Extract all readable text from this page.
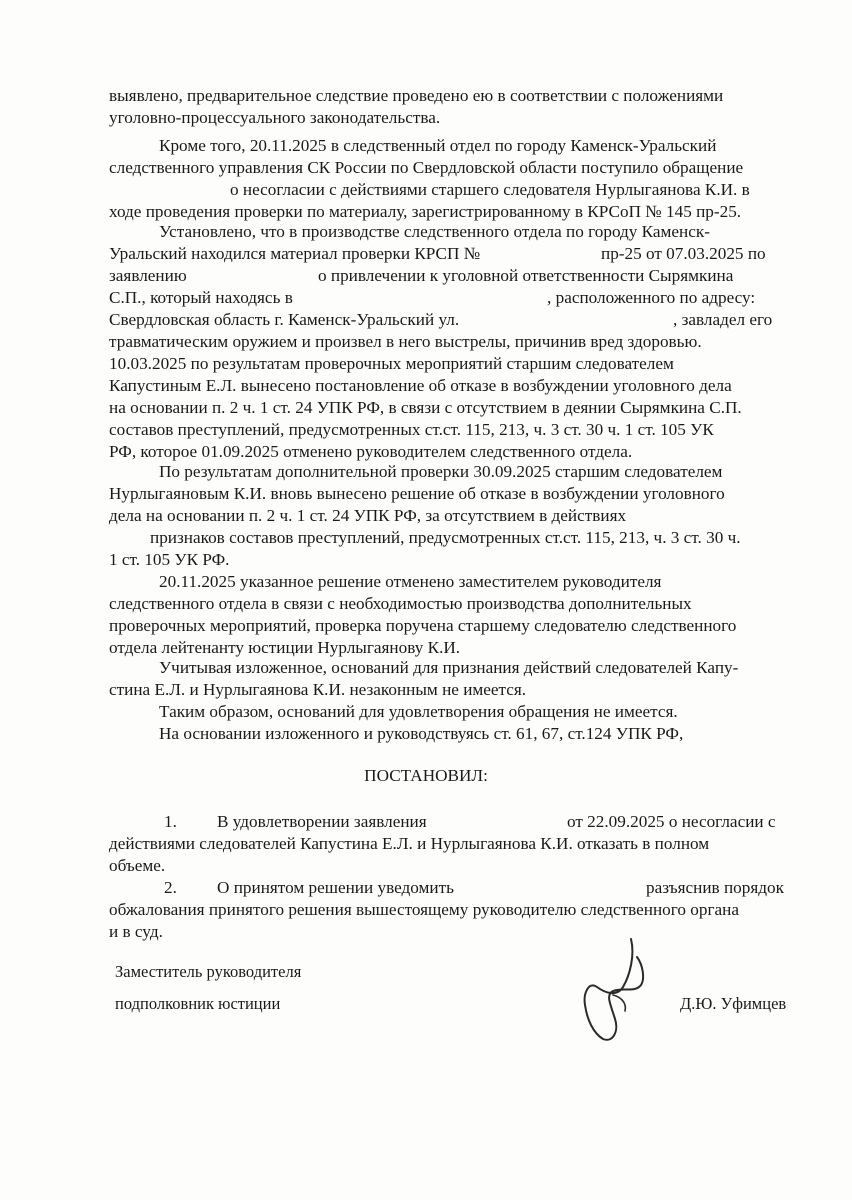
выявлено, предварительное следствие проведено ею в соответствии с положениями
уголовно-процессуального законодательства.
Кроме того, 20.11.2025 в следственный отдел по городу Каменск-Уральский
следственного управления СК России по Свердловской области поступило обращение
о несогласии с действиями старшего следователя Нурлыгаянова К.И. в
ходе проведения проверки по материалу, зарегистрированному в КРСоП № 145 пр-25.
Установлено, что в производстве следственного отдела по городу Каменск-
Уральский находился материал проверки КРСП №	пр-25 от 07.03.2025 по
заявлению	о привлечении к уголовной ответственности Сырямкина
С.П., который находясь в	, расположенного по адресу:
Свердловская область г. Каменск-Уральский ул.	, завладел его
травматическим оружием и произвел в него выстрелы, причинив вред здоровью.
10.03.2025 по результатам проверочных мероприятий старшим следователем
Капустиным Е.Л. вынесено постановление об отказе в возбуждении уголовного дела
на основании п. 2 ч. 1 ст. 24 УПК РФ, в связи с отсутствием в деянии Сырямкина С.П.
составов преступлений, предусмотренных ст.ст. 115, 213, ч. 3 ст. 30 ч. 1 ст. 105 УК
РФ, которое 01.09.2025 отменено руководителем следственного отдела.
По результатам дополнительной проверки 30.09.2025 старшим следователем
Нурлыгаяновым К.И. вновь вынесено решение об отказе в возбуждении уголовного
дела на основании п. 2 ч. 1 ст. 24 УПК РФ, за отсутствием в действиях
признаков составов преступлений, предусмотренных ст.ст. 115, 213, ч. 3 ст. 30 ч.
1 ст. 105 УК РФ.
20.11.2025 указанное решение отменено заместителем руководителя
следственного отдела в связи с необходимостью производства дополнительных
проверочных мероприятий, проверка поручена старшему следователю следственного
отдела лейтенанту юстиции Нурлыгаянову К.И.
Учитывая изложенное, оснований для признания действий следователей Капу-
стина Е.Л. и Нурлыгаянова К.И. незаконным не имеется.
Таким образом, оснований для удовлетворения обращения не имеется.
На основании изложенного и руководствуясь ст. 61, 67, ст.124 УПК РФ,
ПОСТАНОВИЛ:
1. В удовлетворении заявления	от 22.09.2025 о несогласии с
действиями следователей Капустина Е.Л. и Нурлыгаянова К.И. отказать в полном
объеме.
2. О принятом решении уведомить	разъяснив порядок
обжалования принятого решения вышестоящему руководителю следственного органа
и в суд.
Заместитель руководителя
подполковник юстиции	Д.Ю. Уфимцев
